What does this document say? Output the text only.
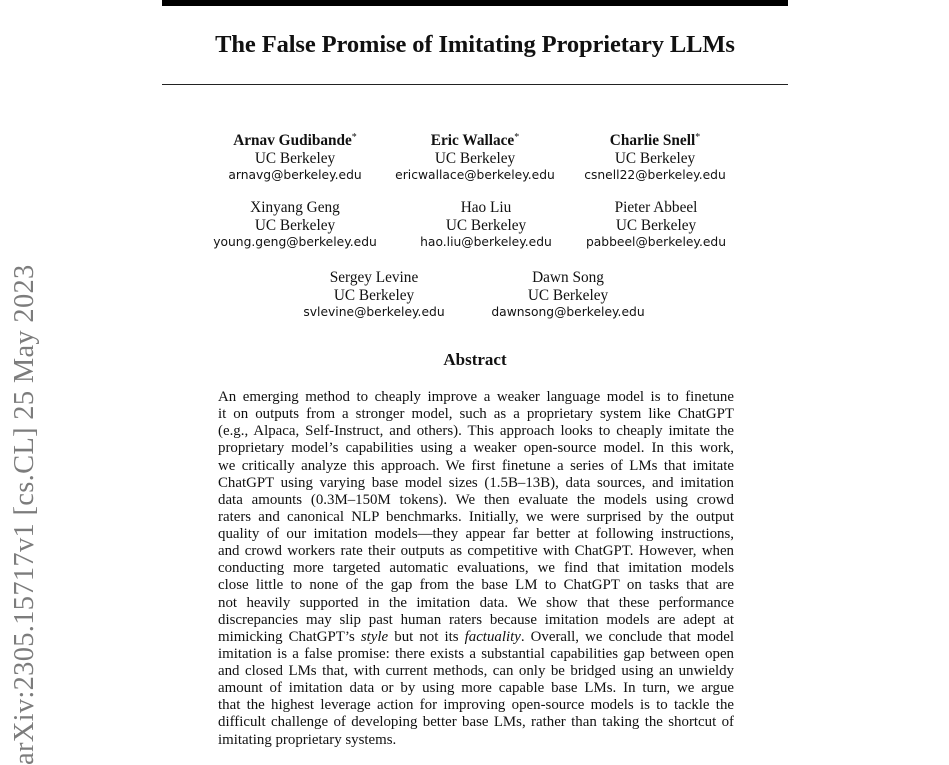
arXiv:2305.15717v1 [cs.CL] 25 May 2023
The False Promise of Imitating Proprietary LLMs
Arnav Gudibande*
UC Berkeley
arnavg@berkeley.edu
Eric Wallace*
UC Berkeley
ericwallace@berkeley.edu
Charlie Snell*
UC Berkeley
csnell22@berkeley.edu
Xinyang Geng
UC Berkeley
young.geng@berkeley.edu
Hao Liu
UC Berkeley
hao.liu@berkeley.edu
Pieter Abbeel
UC Berkeley
pabbeel@berkeley.edu
Sergey Levine
UC Berkeley
svlevine@berkeley.edu
Dawn Song
UC Berkeley
dawnsong@berkeley.edu
Abstract
An emerging method to cheaply improve a weaker language model is to finetune
it on outputs from a stronger model, such as a proprietary system like ChatGPT
(e.g., Alpaca, Self-Instruct, and others). This approach looks to cheaply imitate the
proprietary model’s capabilities using a weaker open-source model. In this work,
we critically analyze this approach. We first finetune a series of LMs that imitate
ChatGPT using varying base model sizes (1.5B–13B), data sources, and imitation
data amounts (0.3M–150M tokens). We then evaluate the models using crowd
raters and canonical NLP benchmarks. Initially, we were surprised by the output
quality of our imitation models—they appear far better at following instructions,
and crowd workers rate their outputs as competitive with ChatGPT. However, when
conducting more targeted automatic evaluations, we find that imitation models
close little to none of the gap from the base LM to ChatGPT on tasks that are
not heavily supported in the imitation data. We show that these performance
discrepancies may slip past human raters because imitation models are adept at
mimicking ChatGPT’s style but not its factuality. Overall, we conclude that model
imitation is a false promise: there exists a substantial capabilities gap between open
and closed LMs that, with current methods, can only be bridged using an unwieldy
amount of imitation data or by using more capable base LMs. In turn, we argue
that the highest leverage action for improving open-source models is to tackle the
difficult challenge of developing better base LMs, rather than taking the shortcut of
imitating proprietary systems.
